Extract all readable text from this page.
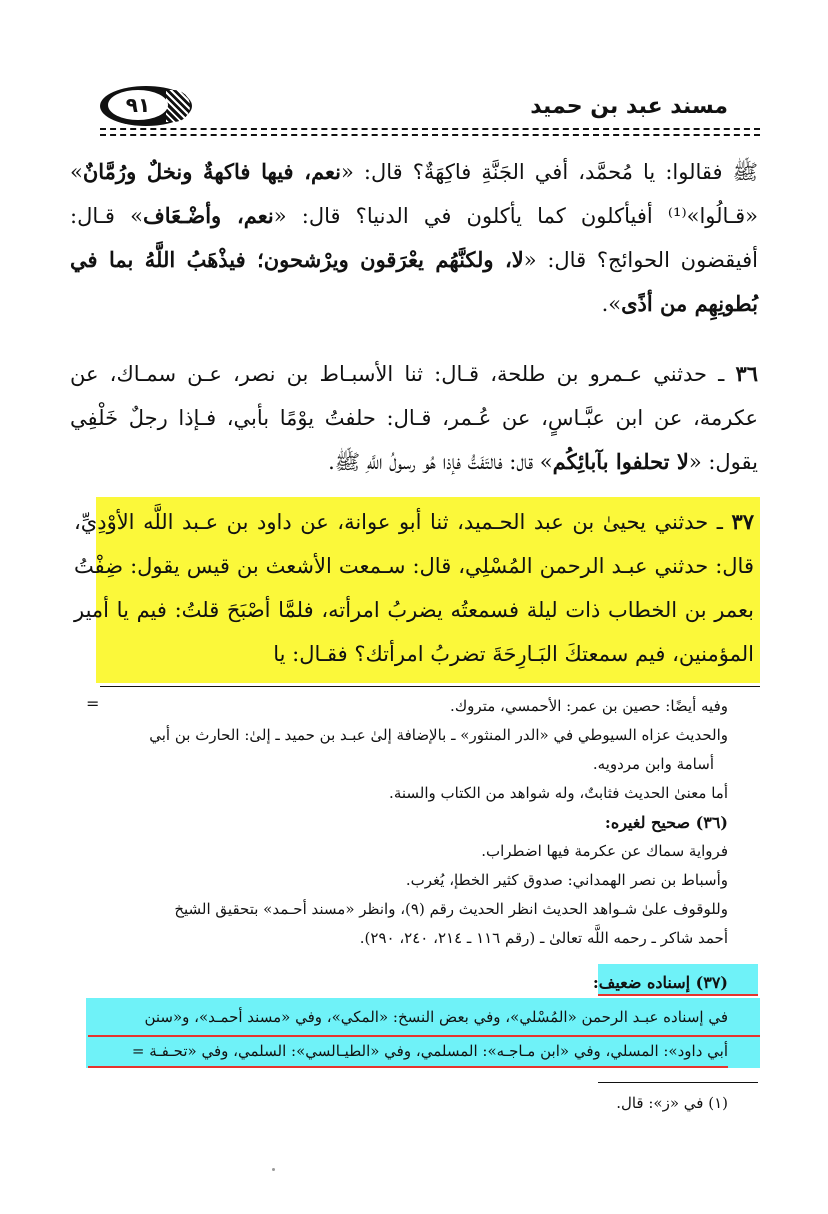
مسند عبد بن حميد
٩١
ﷺ فقالوا: يا مُحمَّد، أفي الجَنَّةِ فاكِهَةٌ؟ قال: «نعم، فيها فاكهةٌ ونخلٌ ورُمَّانٌ» «قـالُوا»⁽¹⁾ أفيأكلون كما يأكلون في الدنيا؟ قال: «نعم، وأضْـعَاف» قـال: أفيقضون الحوائج؟ قال: «لا، ولكنَّهُم يعْرَقون ويرْشحون؛ فيذْهَبُ اللَّهُ بما في بُطونِهِم من أذًى».
٣٦ ـ حدثني عـمرو بن طلحة، قـال: ثنا الأسبـاط بن نصر، عـن سمـاك، عن عكرمة، عن ابن عبَّـاسٍ، عن عُـمر، قـال: حلفتُ يوْمًا بأبي، فـإذا رجلٌ خَلْفِي يقول: «لا تحلفوا بآبائِكُم» قال: فالتَفَتُّ فإذا هُو رسولُ اللَّهِ ﷺ.
٣٧ ـ حدثني يحيىٰ بن عبد الحـميد، ثنا أبو عوانة، عن داود بن عـبد اللَّه الأوْدِيِّ، قال: حدثني عبـد الرحمن المُسْلِي، قال: سـمعت الأشعث بن قيس يقول: ضِفْتُ بعمر بن الخطاب ذات ليلة فسمعتُه يضربُ امرأته، فلمَّا أصْبَحَ قلتُ: فيم يا أمير المؤمنين، فيم سمعتكَ البَـارِحَةَ تضربُ امرأتك؟ فقـال: يا
=	وفيه أيضًا: حصين بن عمر: الأحمسي، متروك.
والحديث عزاه السيوطي في «الدر المنثور» ـ بالإضافة إلىٰ عبـد بن حميد ـ إلىٰ: الحارث بن أبي
أسامة وابن مردويه.
أما معنىٰ الحديث فثابتٌ، وله شواهد من الكتاب والسنة.
(٣٦) صحيح لغيره:
فرواية سماك عن عكرمة فيها اضطراب.
وأسباط بن نصر الهمداني: صدوق كثير الخطإ، يُغرب.
وللوقوف علىٰ شـواهد الحديث انظر الحديث رقم (٩)، وانظر «مسند أحـمد» بتحقيق الشيخ
أحمد شاكر ـ رحمه اللَّه تعالىٰ ـ (رقم ١١٦ ـ ٢١٤، ٢٤٠، ٢٩٠).
(٣٧) إسناده ضعيف:
في إسناده عبـد الرحمن «المُسْلي»، وفي بعض النسخ: «المكي»، وفي «مسند أحمـد»، و«سنن
أبي داود»: المسلي، وفي «ابن مـاجـه»: المسلمي، وفي «الطيـالسي»: السلمي، وفي «تحـفـة =
(١) في «ز»: قال.
